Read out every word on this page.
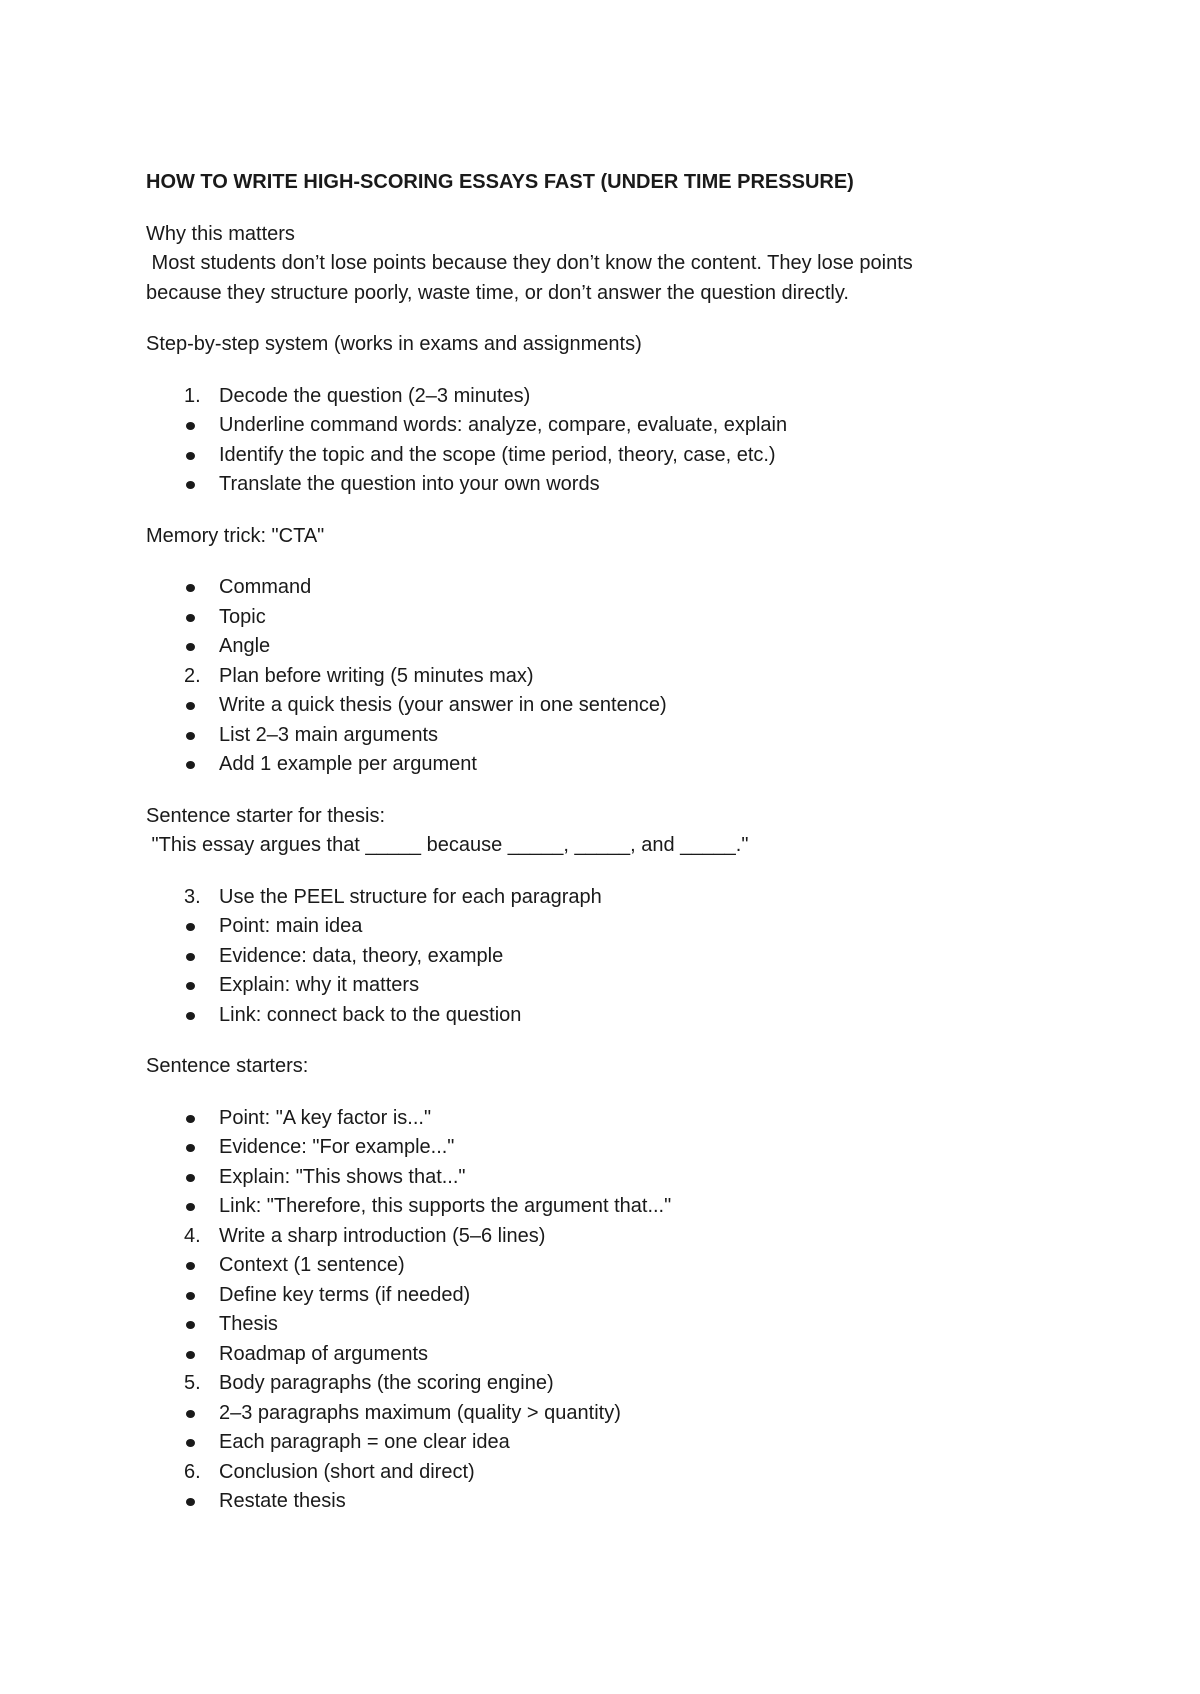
HOW TO WRITE HIGH-SCORING ESSAYS FAST (UNDER TIME PRESSURE)
Why this matters
Most students don’t lose points because they don’t know the content. They lose points
because they structure poorly, waste time, or don’t answer the question directly.
Step-by-step system (works in exams and assignments)
1. Decode the question (2–3 minutes)
Underline command words: analyze, compare, evaluate, explain
Identify the topic and the scope (time period, theory, case, etc.)
Translate the question into your own words
Memory trick: "CTA"
Command
Topic
Angle
2. Plan before writing (5 minutes max)
Write a quick thesis (your answer in one sentence)
List 2–3 main arguments
Add 1 example per argument
Sentence starter for thesis:
"This essay argues that _____ because _____, _____, and _____."
3. Use the PEEL structure for each paragraph
Point: main idea
Evidence: data, theory, example
Explain: why it matters
Link: connect back to the question
Sentence starters:
Point: "A key factor is..."
Evidence: "For example..."
Explain: "This shows that..."
Link: "Therefore, this supports the argument that..."
4. Write a sharp introduction (5–6 lines)
Context (1 sentence)
Define key terms (if needed)
Thesis
Roadmap of arguments
5. Body paragraphs (the scoring engine)
2–3 paragraphs maximum (quality > quantity)
Each paragraph = one clear idea
6. Conclusion (short and direct)
Restate thesis
